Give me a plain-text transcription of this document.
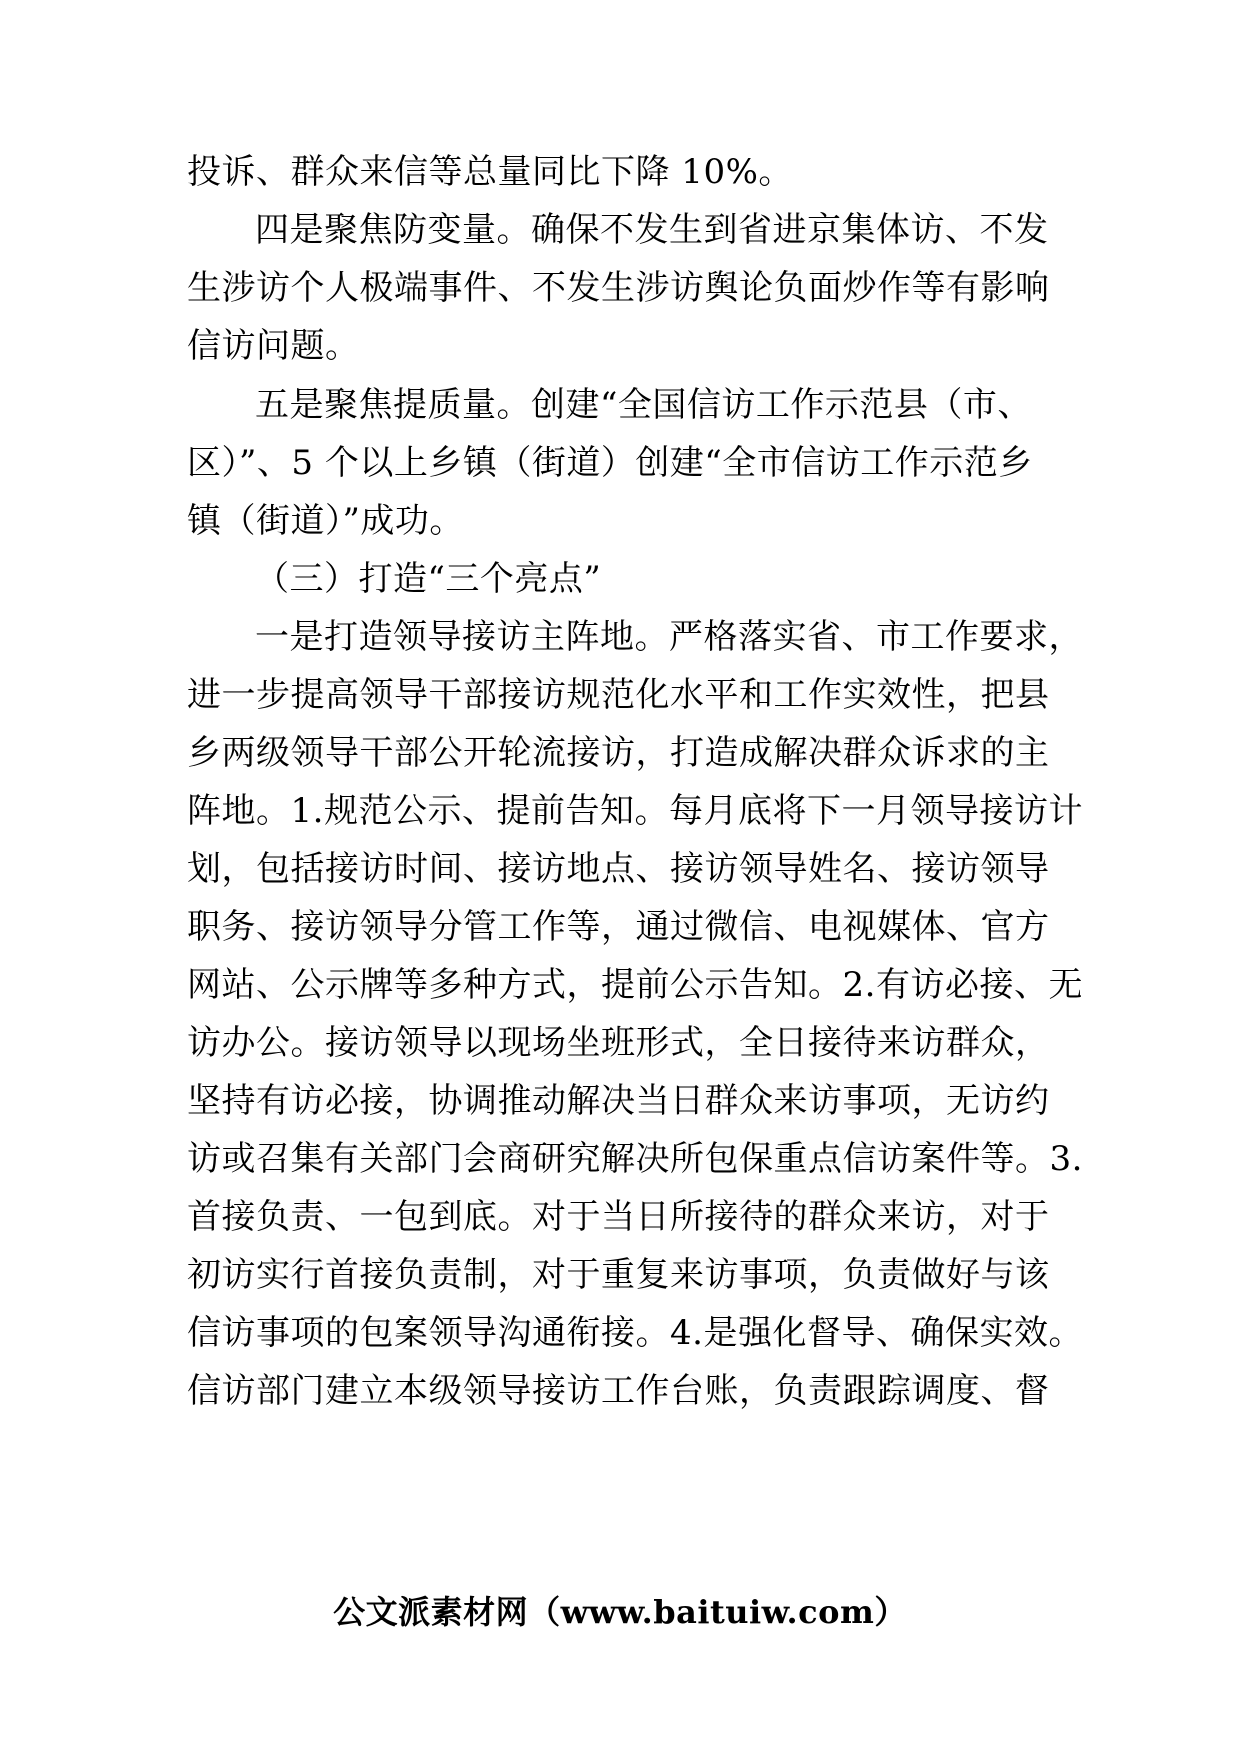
投诉、群众来信等总量同比下降 10%。
四是聚焦防变量。确保不发生到省进京集体访、不发
生涉访个人极端事件、不发生涉访舆论负面炒作等有影响
信访问题。
五是聚焦提质量。创建“全国信访工作示范县（市、
区）”、5 个以上乡镇（街道）创建“全市信访工作示范乡
镇（街道）”成功。
（三）打造“三个亮点”
一是打造领导接访主阵地。严格落实省、市工作要求，
进一步提高领导干部接访规范化水平和工作实效性，把县
乡两级领导干部公开轮流接访，打造成解决群众诉求的主
阵地。1.规范公示、提前告知。每月底将下一月领导接访计
划，包括接访时间、接访地点、接访领导姓名、接访领导
职务、接访领导分管工作等，通过微信、电视媒体、官方
网站、公示牌等多种方式，提前公示告知。2.有访必接、无
访办公。接访领导以现场坐班形式，全日接待来访群众，
坚持有访必接，协调推动解决当日群众来访事项，无访约
访或召集有关部门会商研究解决所包保重点信访案件等。3.
首接负责、一包到底。对于当日所接待的群众来访，对于
初访实行首接负责制，对于重复来访事项，负责做好与该
信访事项的包案领导沟通衔接。4.是强化督导、确保实效。
信访部门建立本级领导接访工作台账，负责跟踪调度、督
公文派素材网（www.baituiw.com）
